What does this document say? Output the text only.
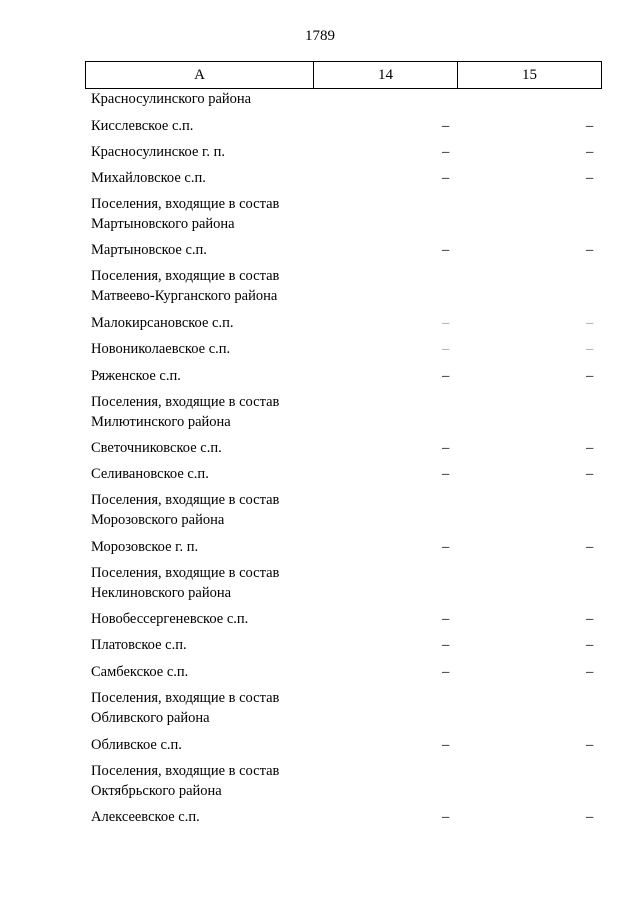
1789
А	14	15
Красносулинского района
Кисслевское с.п.	–	–
Красносулинское г. п.	–	–
Михайловское с.п.	–	–
Поселения, входящие в состав
Мартыновского района
Мартыновское с.п.	–	–
Поселения, входящие в состав
Матвеево-Курганского района
Малокирсановское с.п.	–	–
Новониколаевское с.п.	–	–
Ряженское с.п.	–	–
Поселения, входящие в состав
Милютинского района
Светочниковское с.п.	–	–
Селивановское с.п.	–	–
Поселения, входящие в состав
Морозовского района
Морозовское г. п.	–	–
Поселения, входящие в состав
Неклиновского района
Новобессергеневское с.п.	–	–
Платовское с.п.	–	–
Самбекское с.п.	–	–
Поселения, входящие в состав
Обливского района
Обливское с.п.	–	–
Поселения, входящие в состав
Октябрьского района
Алексеевское с.п.	–	–
